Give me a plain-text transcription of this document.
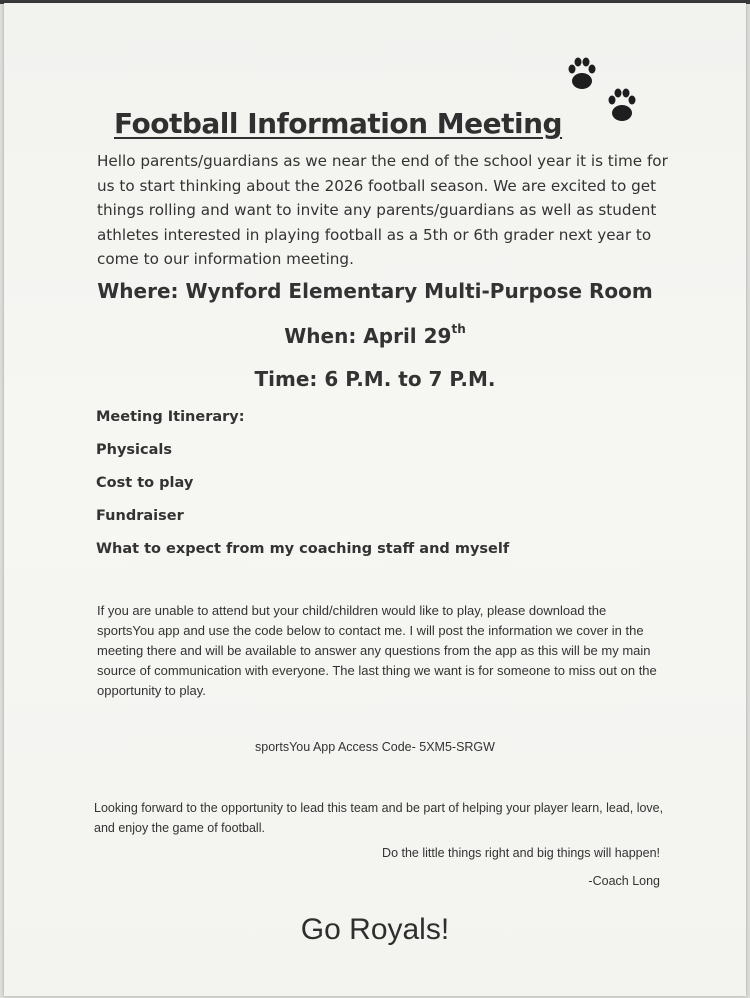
Football Information Meeting
Hello parents/guardians as we near the end of the school year it is time for us to start thinking about the 2026 football season. We are excited to get things rolling and want to invite any parents/guardians as well as student athletes interested in playing football as a 5th or 6th grader next year to come to our information meeting.
Where: Wynford Elementary Multi-Purpose Room
When: April 29th
Time: 6 P.M. to 7 P.M.
Meeting Itinerary:
Physicals
Cost to play
Fundraiser
What to expect from my coaching staff and myself
If you are unable to attend but your child/children would like to play, please download the sportsYou app and use the code below to contact me. I will post the information we cover in the meeting there and will be available to answer any questions from the app as this will be my main source of communication with everyone. The last thing we want is for someone to miss out on the opportunity to play.
sportsYou App Access Code- 5XM5-SRGW
Looking forward to the opportunity to lead this team and be part of helping your player learn, lead, love, and enjoy the game of football.
Do the little things right and big things will happen!
-Coach Long
Go Royals!
